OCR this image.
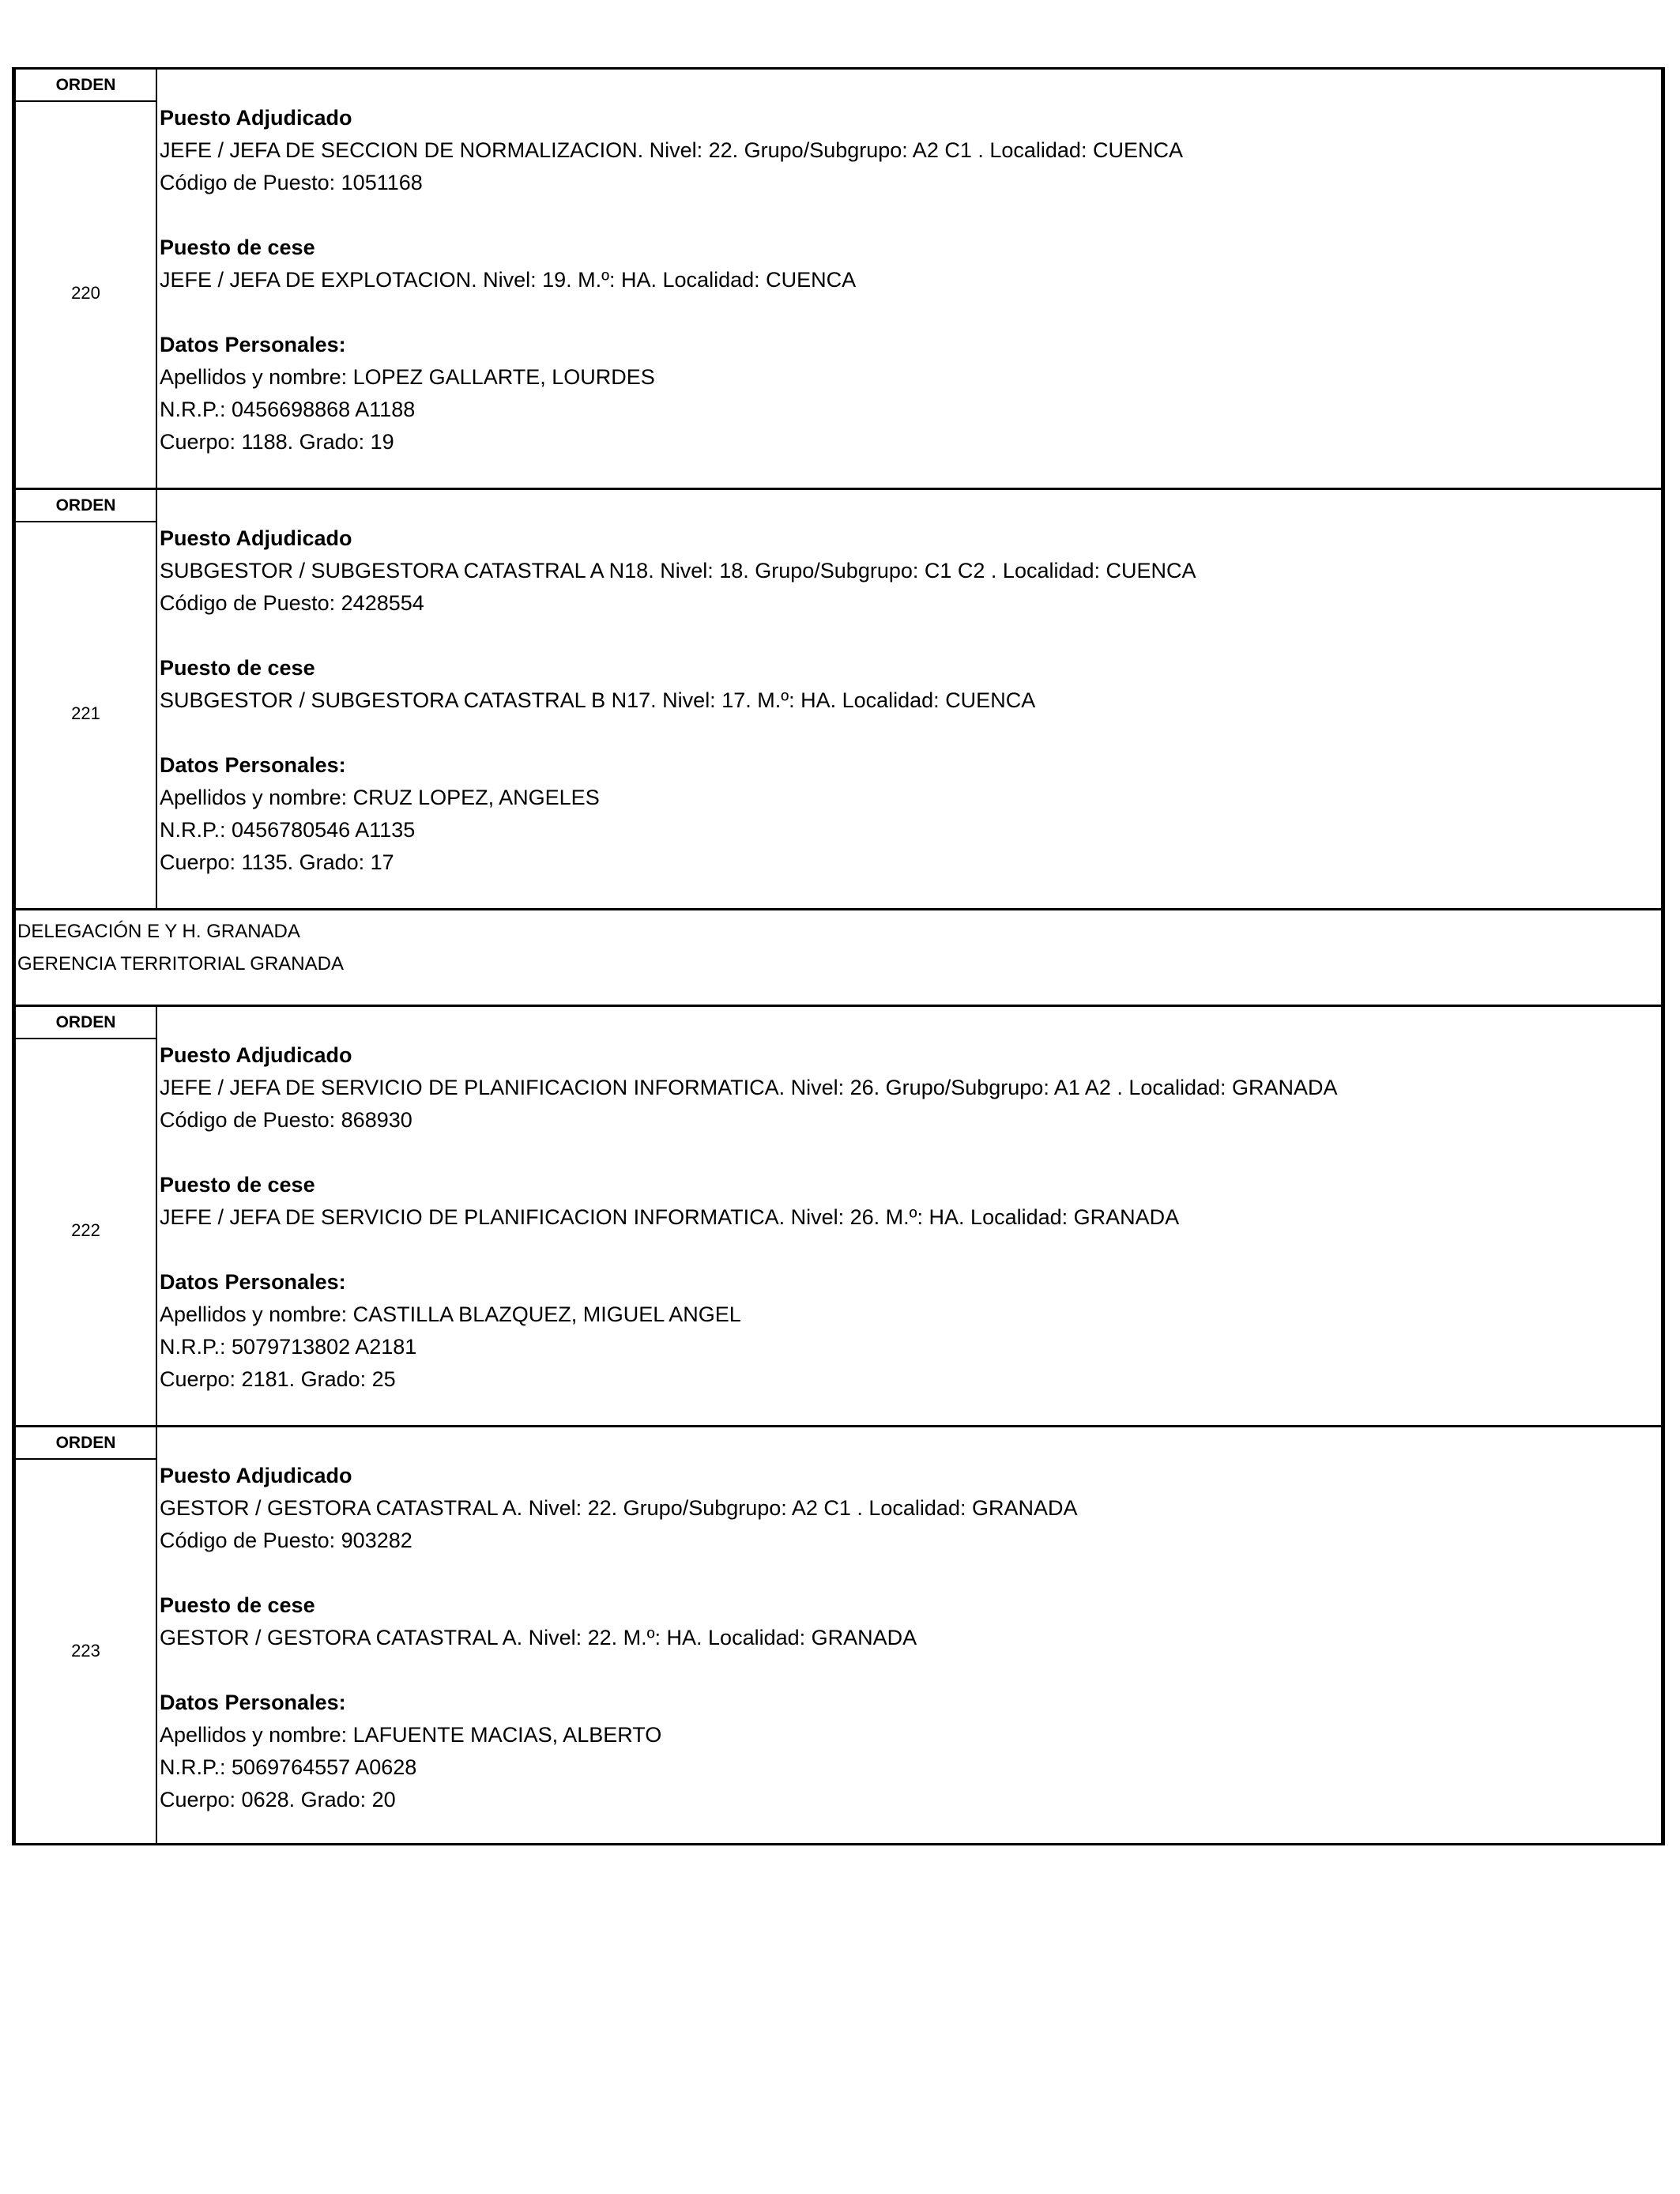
ORDEN
220
Puesto Adjudicado
JEFE / JEFA DE SECCION DE NORMALIZACION. Nivel: 22. Grupo/Subgrupo: A2 C1 . Localidad: CUENCA
Código de Puesto: 1051168
Puesto de cese
JEFE / JEFA DE EXPLOTACION. Nivel: 19. M.º: HA. Localidad: CUENCA
Datos Personales:
Apellidos y nombre: LOPEZ GALLARTE, LOURDES
N.R.P.: 0456698868 A1188
Cuerpo: 1188. Grado: 19
ORDEN
221
Puesto Adjudicado
SUBGESTOR / SUBGESTORA CATASTRAL A N18. Nivel: 18. Grupo/Subgrupo: C1 C2 . Localidad: CUENCA
Código de Puesto: 2428554
Puesto de cese
SUBGESTOR / SUBGESTORA CATASTRAL B N17. Nivel: 17. M.º: HA. Localidad: CUENCA
Datos Personales:
Apellidos y nombre: CRUZ LOPEZ, ANGELES
N.R.P.: 0456780546 A1135
Cuerpo: 1135. Grado: 17
DELEGACIÓN E Y H. GRANADA
GERENCIA TERRITORIAL GRANADA
ORDEN
222
Puesto Adjudicado
JEFE / JEFA DE SERVICIO DE PLANIFICACION INFORMATICA. Nivel: 26. Grupo/Subgrupo: A1 A2 . Localidad: GRANADA
Código de Puesto: 868930
Puesto de cese
JEFE / JEFA DE SERVICIO DE PLANIFICACION INFORMATICA. Nivel: 26. M.º: HA. Localidad: GRANADA
Datos Personales:
Apellidos y nombre: CASTILLA BLAZQUEZ, MIGUEL ANGEL
N.R.P.: 5079713802 A2181
Cuerpo: 2181. Grado: 25
ORDEN
223
Puesto Adjudicado
GESTOR / GESTORA CATASTRAL A. Nivel: 22. Grupo/Subgrupo: A2 C1 . Localidad: GRANADA
Código de Puesto: 903282
Puesto de cese
GESTOR / GESTORA CATASTRAL A. Nivel: 22. M.º: HA. Localidad: GRANADA
Datos Personales:
Apellidos y nombre: LAFUENTE MACIAS, ALBERTO
N.R.P.: 5069764557 A0628
Cuerpo: 0628. Grado: 20
